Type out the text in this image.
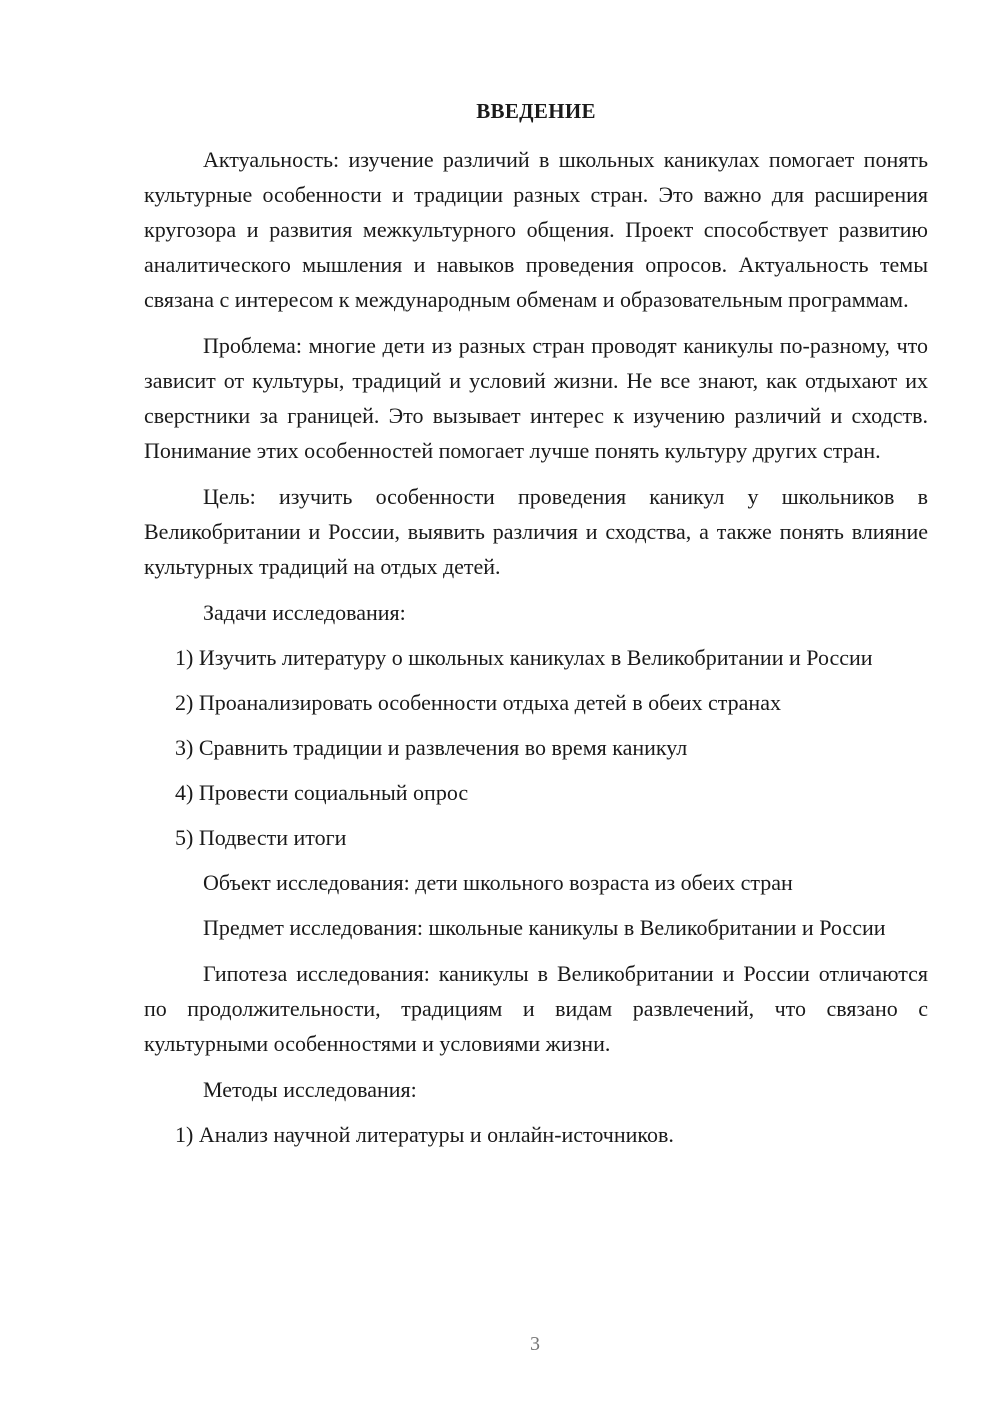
ВВЕДЕНИЕ

Актуальность: изучение различий в школьных каникулах помогает понять культурные особенности и традиции разных стран. Это важно для расширения кругозора и развития межкультурного общения. Проект способствует развитию аналитического мышления и навыков проведения опросов. Актуальность темы связана с интересом к международным обменам и образовательным программам.

Проблема: многие дети из разных стран проводят каникулы по-разному, что зависит от культуры, традиций и условий жизни. Не все знают, как отдыхают их сверстники за границей. Это вызывает интерес к изучению различий и сходств. Понимание этих особенностей помогает лучше понять культуру других стран.

Цель: изучить особенности проведения каникул у школьников в Великобритании и России, выявить различия и сходства, а также понять влияние культурных традиций на отдых детей.

Задачи исследования:

1) Изучить литературу о школьных каникулах в Великобритании и России

2) Проанализировать особенности отдыха детей в обеих странах
3) Сравнить традиции и развлечения во время каникул
4) Провести социальный опрос
5) Подвести итоги
Объект исследования: дети школьного возраста из обеих стран

Предмет исследования: школьные каникулы в Великобритании и России

Гипотеза исследования: каникулы в Великобритании и России отличаются по продолжительности, традициям и видам развлечений, что связано с культурными особенностями и условиями жизни.

Методы исследования:
1) Анализ научной литературы и онлайн-источников.
3
